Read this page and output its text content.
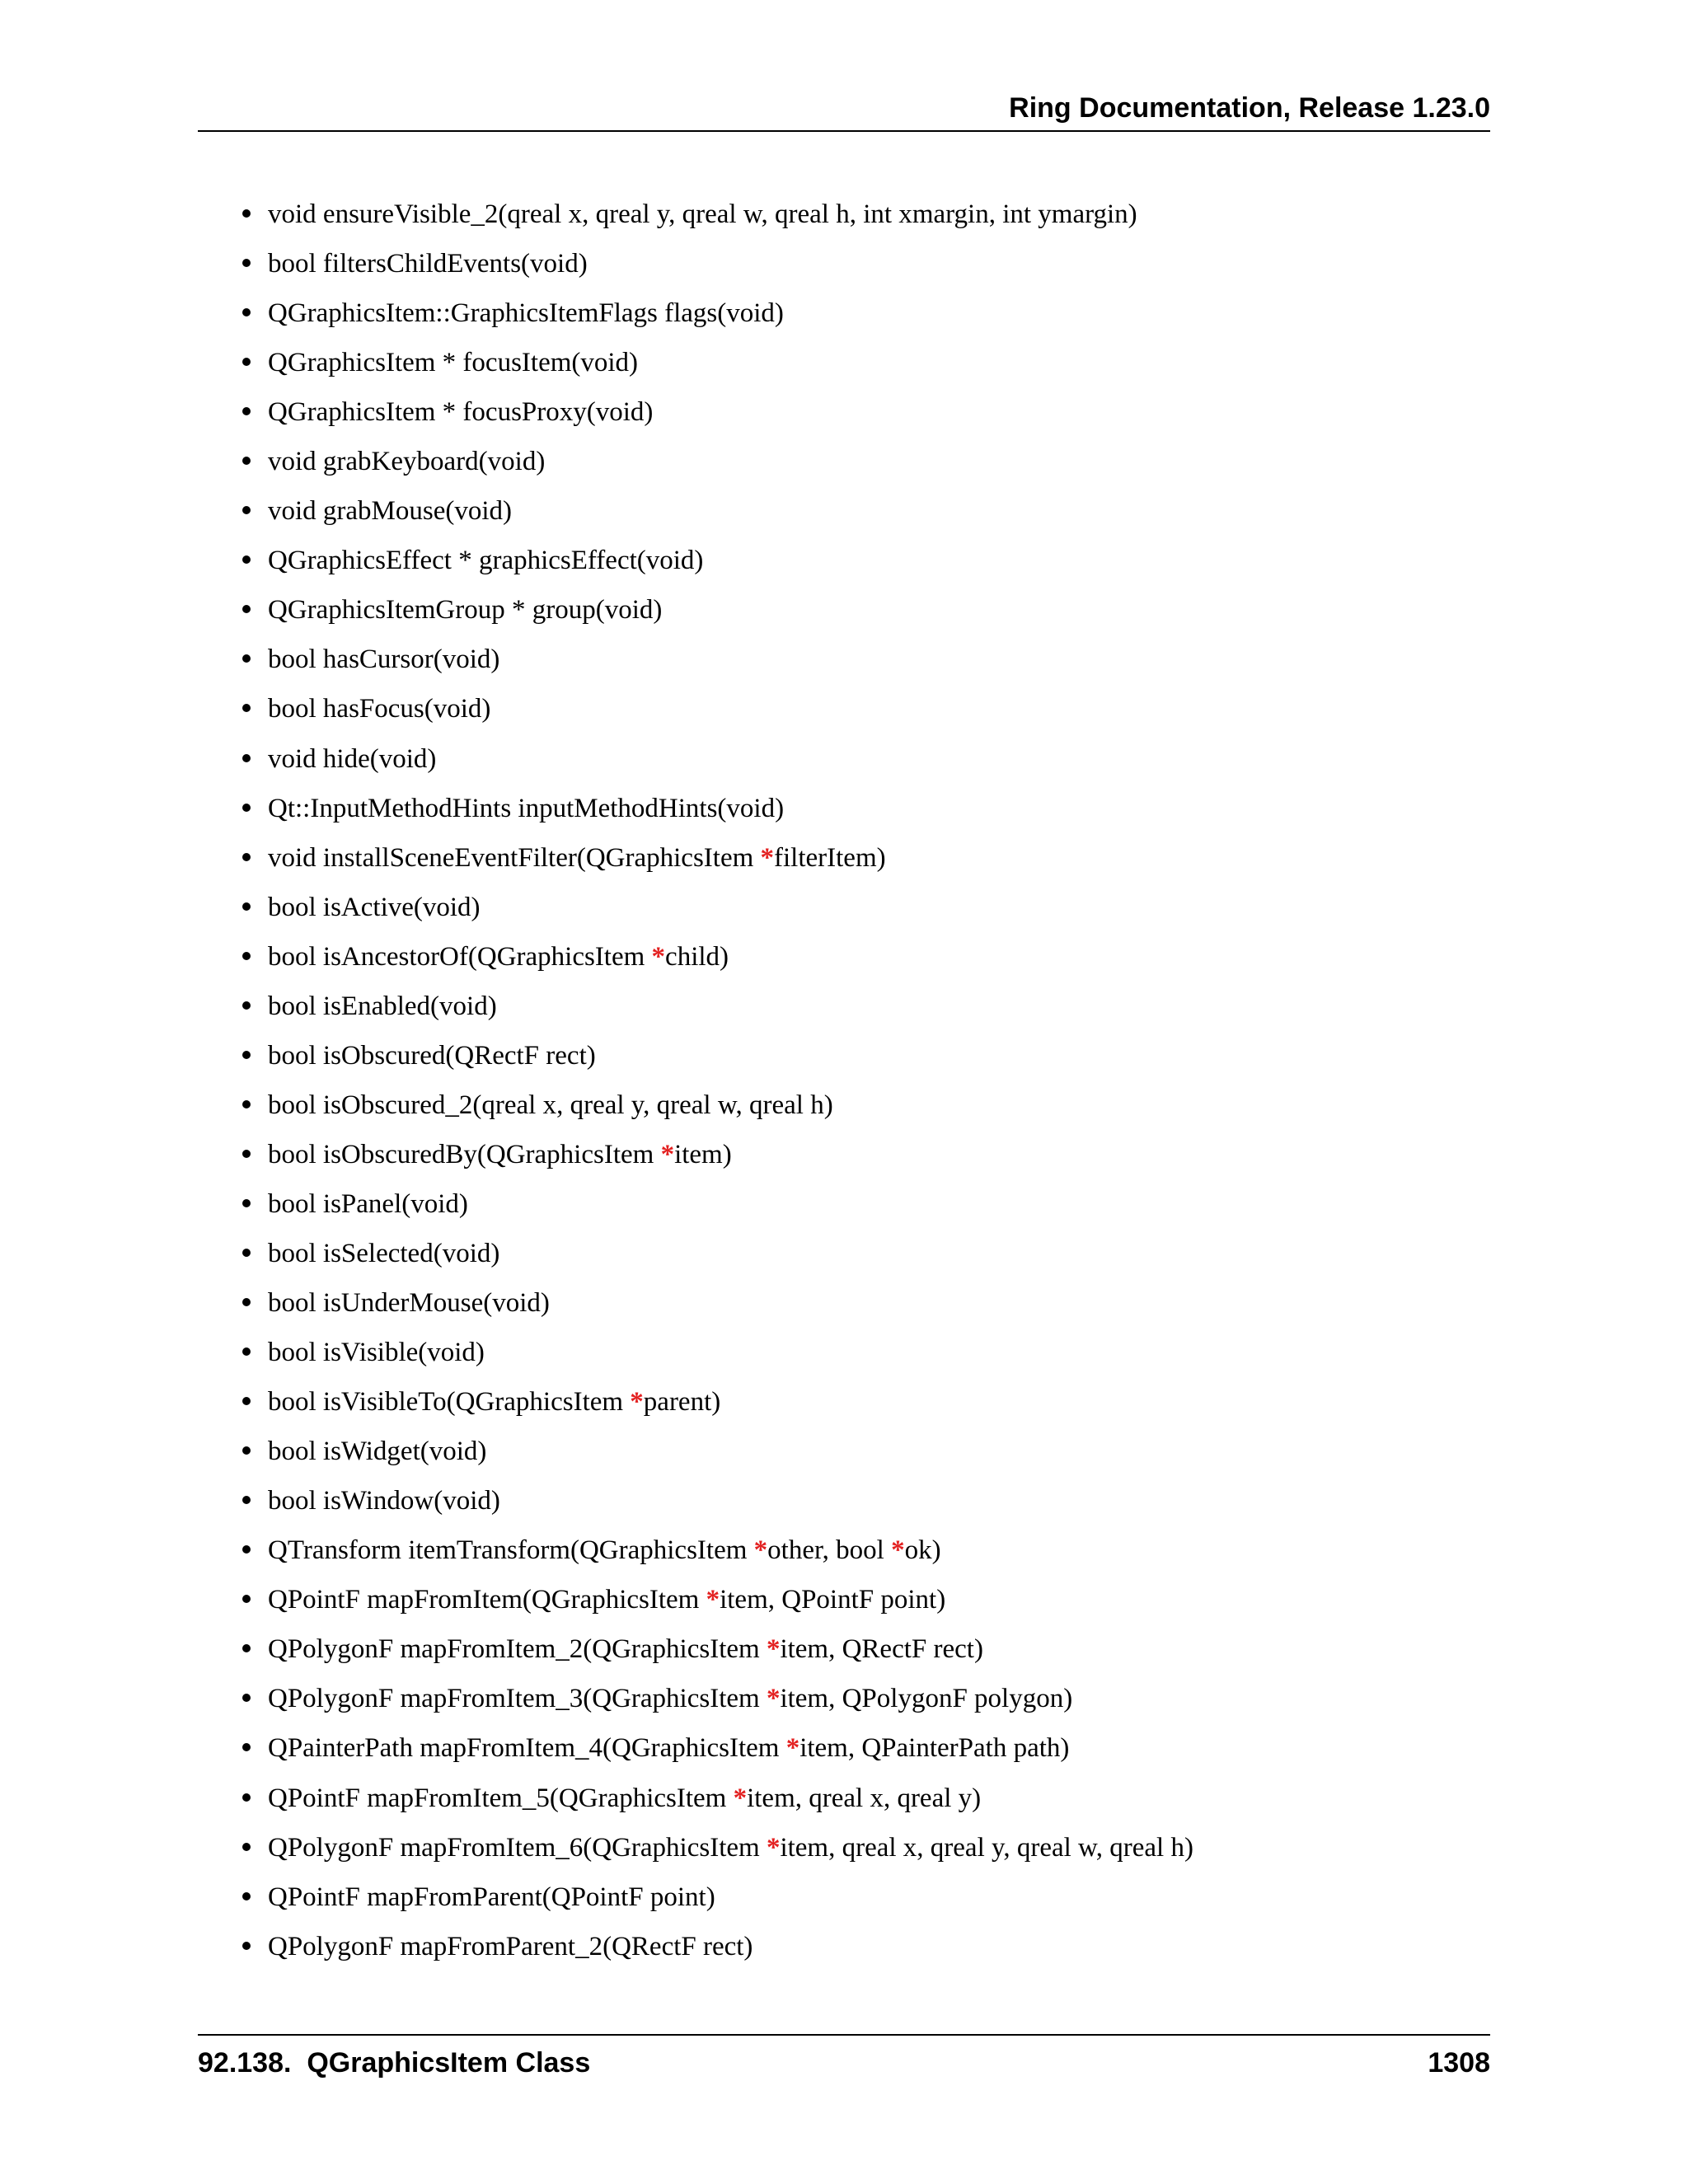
Ring Documentation, Release 1.23.0
void ensureVisible_2(qreal x, qreal y, qreal w, qreal h, int xmargin, int ymargin)
bool filtersChildEvents(void)
QGraphicsItem::GraphicsItemFlags flags(void)
QGraphicsItem * focusItem(void)
QGraphicsItem * focusProxy(void)
void grabKeyboard(void)
void grabMouse(void)
QGraphicsEffect * graphicsEffect(void)
QGraphicsItemGroup * group(void)
bool hasCursor(void)
bool hasFocus(void)
void hide(void)
Qt::InputMethodHints inputMethodHints(void)
void installSceneEventFilter(QGraphicsItem *filterItem)
bool isActive(void)
bool isAncestorOf(QGraphicsItem *child)
bool isEnabled(void)
bool isObscured(QRectF rect)
bool isObscured_2(qreal x, qreal y, qreal w, qreal h)
bool isObscuredBy(QGraphicsItem *item)
bool isPanel(void)
bool isSelected(void)
bool isUnderMouse(void)
bool isVisible(void)
bool isVisibleTo(QGraphicsItem *parent)
bool isWidget(void)
bool isWindow(void)
QTransform itemTransform(QGraphicsItem *other, bool *ok)
QPointF mapFromItem(QGraphicsItem *item, QPointF point)
QPolygonF mapFromItem_2(QGraphicsItem *item, QRectF rect)
QPolygonF mapFromItem_3(QGraphicsItem *item, QPolygonF polygon)
QPainterPath mapFromItem_4(QGraphicsItem *item, QPainterPath path)
QPointF mapFromItem_5(QGraphicsItem *item, qreal x, qreal y)
QPolygonF mapFromItem_6(QGraphicsItem *item, qreal x, qreal y, qreal w, qreal h)
QPointF mapFromParent(QPointF point)
QPolygonF mapFromParent_2(QRectF rect)
92.138.  QGraphicsItem Class	1308
